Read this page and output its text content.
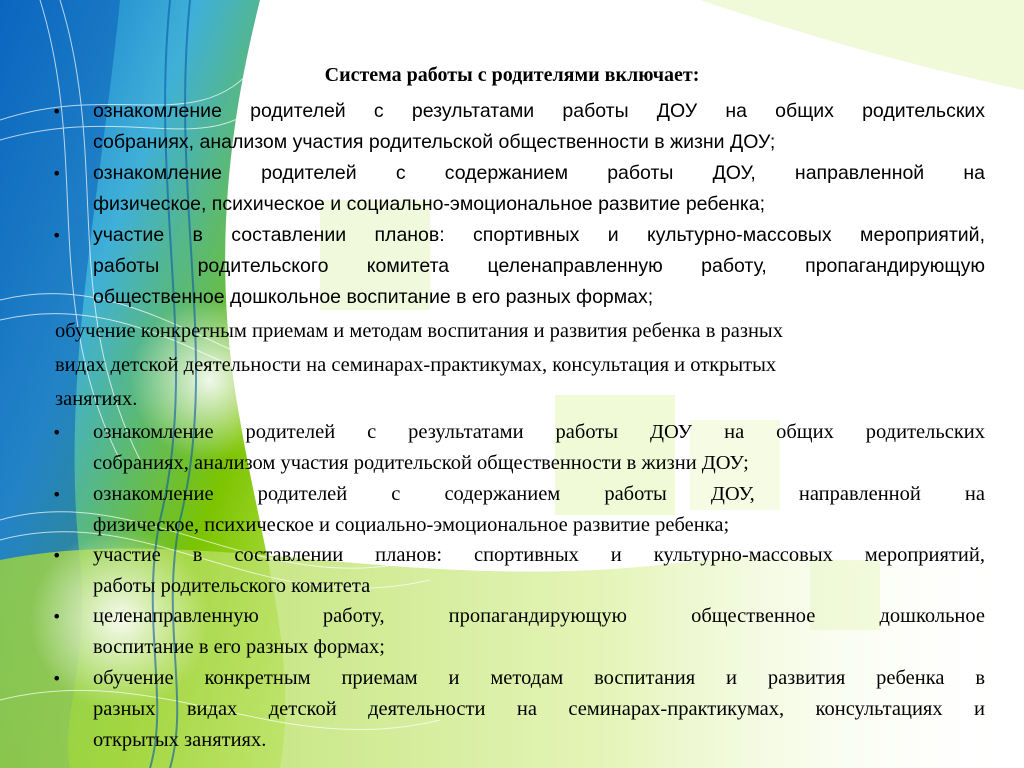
Система работы с родителями включает:
• ознакомление родителей с результатами работы ДОУ на общих родительских
собраниях, анализом участия родительской общественности в жизни ДОУ;
• ознакомление родителей с содержанием работы ДОУ, направленной на
физическое, психическое и социально-эмоциональное развитие ребенка;
• участие в составлении планов: спортивных и культурно-массовых мероприятий,
работы родительского комитета целенаправленную работу, пропагандирующую
общественное дошкольное воспитание в его разных формах;
обучение конкретным приемам и методам воспитания и развития ребенка в разных
видах детской деятельности на семинарах-практикумах, консультация и открытых
занятиях.
• ознакомление родителей с результатами работы ДОУ на общих родительских
собраниях, анализом участия родительской общественности в жизни ДОУ;
• ознакомление родителей с содержанием работы ДОУ, направленной на
физическое, психическое и социально-эмоциональное развитие ребенка;
• участие в составлении планов: спортивных и культурно-массовых мероприятий,
работы родительского комитета
• целенаправленную работу, пропагандирующую общественное дошкольное
воспитание в его разных формах;
• обучение конкретным приемам и методам воспитания и развития ребенка в
разных видах детской деятельности на семинарах-практикумах, консультациях и
открытых занятиях.
